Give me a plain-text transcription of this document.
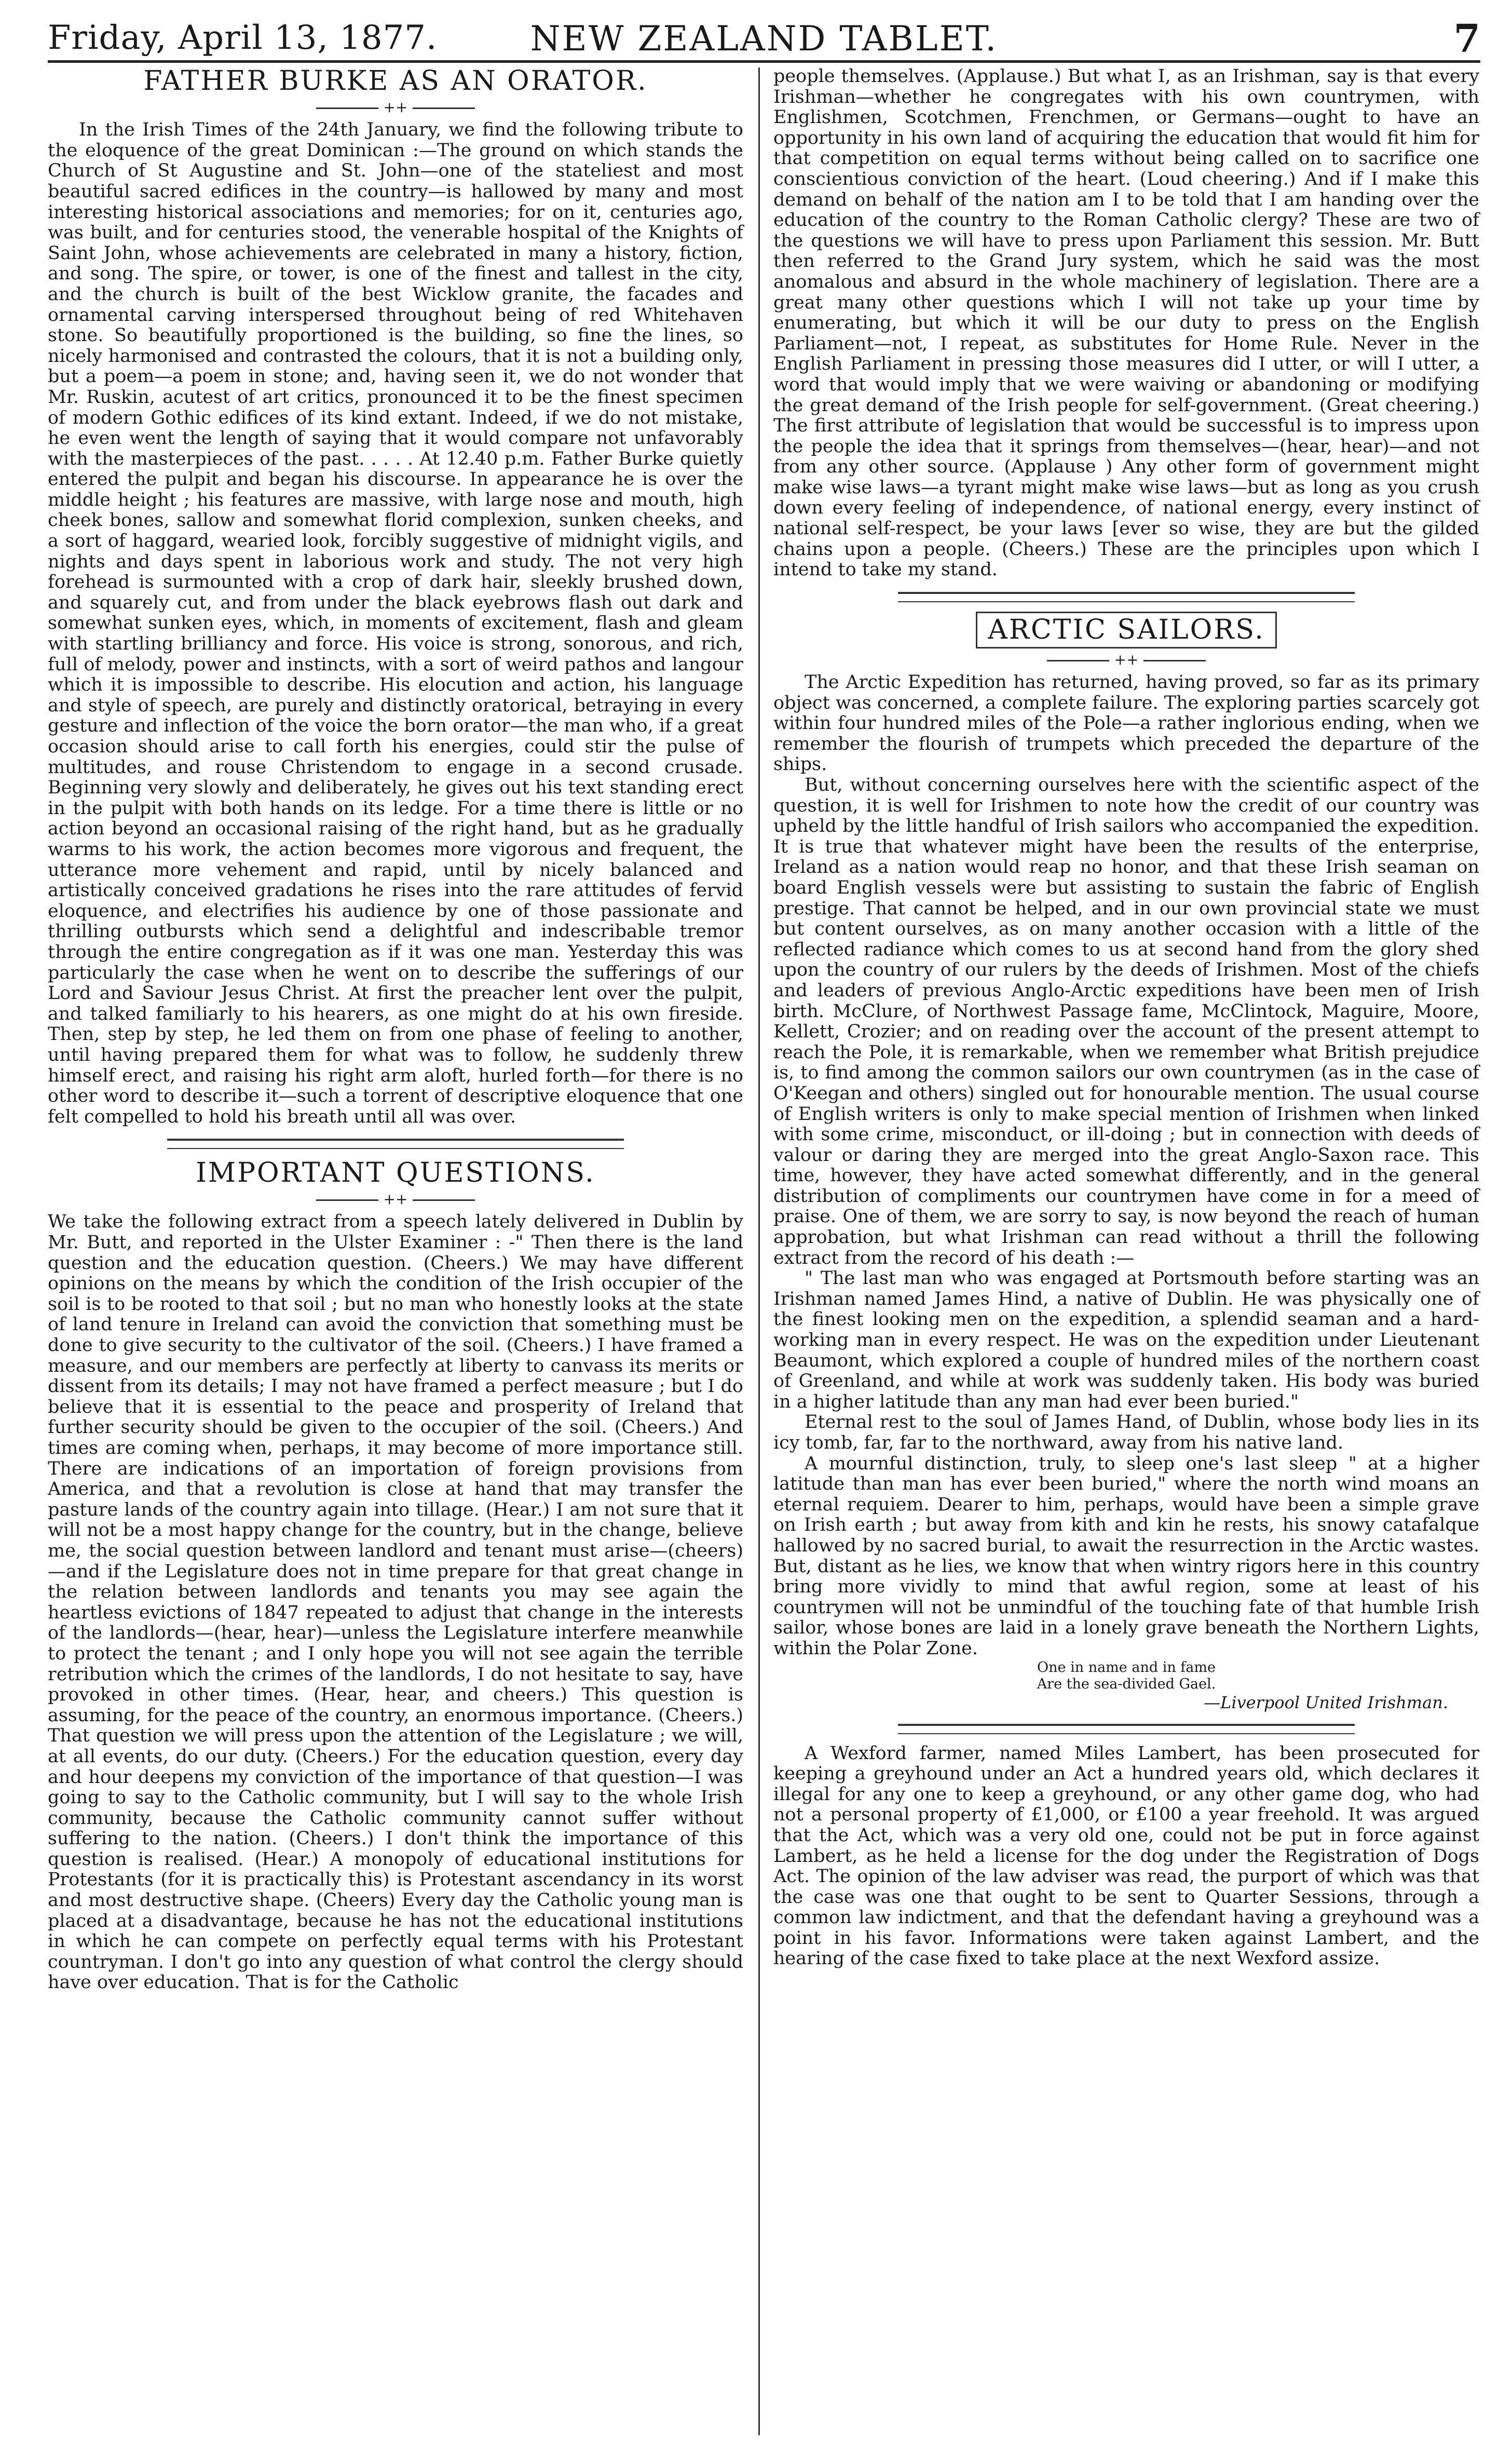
Friday, April 13, 1877.	NEW ZEALAND TABLET.	7
FATHER BURKE AS AN ORATOR.
++

In the Irish Times of the 24th January, we find the following tribute to the eloquence of the great Dominican :—The ground on which stands the Church of St Augustine and St. John—one of the stateliest and most beautiful sacred edifices in the country—is hallowed by many and most interesting historical associations and memories; for on it, centuries ago, was built, and for centuries stood, the venerable hospital of the Knights of Saint John, whose achievements are celebrated in many a history, fiction, and song. The spire, or tower, is one of the finest and tallest in the city, and the church is built of the best Wicklow granite, the facades and ornamental carving interspersed throughout being of red Whitehaven stone. So beautifully proportioned is the building, so fine the lines, so nicely harmonised and contrasted the colours, that it is not a building only, but a poem—a poem in stone; and, having seen it, we do not wonder that Mr. Ruskin, acutest of art critics, pronounced it to be the finest specimen of modern Gothic edifices of its kind extant. Indeed, if we do not mistake, he even went the length of saying that it would compare not unfavorably with the masterpieces of the past. . . . . At 12.40 p.m. Father Burke quietly entered the pulpit and began his discourse. In appearance he is over the middle height ; his features are massive, with large nose and mouth, high cheek bones, sallow and somewhat florid complexion, sunken cheeks, and a sort of haggard, wearied look, forcibly suggestive of midnight vigils, and nights and days spent in laborious work and study. The not very high forehead is surmounted with a crop of dark hair, sleekly brushed down, and squarely cut, and from under the black eyebrows flash out dark and somewhat sunken eyes, which, in moments of excitement, flash and gleam with startling brilliancy and force. His voice is strong, sonorous, and rich, full of melody, power and instincts, with a sort of weird pathos and langour which it is impossible to describe. His elocution and action, his language and style of speech, are purely and distinctly oratorical, betraying in every gesture and inflection of the voice the born orator—the man who, if a great occasion should arise to call forth his energies, could stir the pulse of multitudes, and rouse Christendom to engage in a second crusade. Beginning very slowly and deliberately, he gives out his text standing erect in the pulpit with both hands on its ledge. For a time there is little or no action beyond an occasional raising of the right hand, but as he gradually warms to his work, the action becomes more vigorous and frequent, the utterance more vehement and rapid, until by nicely balanced and artistically conceived gradations he rises into the rare attitudes of fervid eloquence, and electrifies his audience by one of those passionate and thrilling outbursts which send a delightful and indescribable tremor through the entire congregation as if it was one man. Yesterday this was particularly the case when he went on to describe the sufferings of our Lord and Saviour Jesus Christ. At first the preacher lent over the pulpit, and talked familiarly to his hearers, as one might do at his own fireside. Then, step by step, he led them on from one phase of feeling to another, until having prepared them for what was to follow, he suddenly threw himself erect, and raising his right arm aloft, hurled forth—for there is no other word to describe it—such a torrent of descriptive eloquence that one felt compelled to hold his breath until all was over.

IMPORTANT QUESTIONS.
++

We take the following extract from a speech lately delivered in Dublin by Mr. Butt, and reported in the Ulster Examiner : -" Then there is the land question and the education question. (Cheers.) We may have different opinions on the means by which the condition of the Irish occupier of the soil is to be rooted to that soil ; but no man who honestly looks at the state of land tenure in Ireland can avoid the conviction that something must be done to give security to the cultivator of the soil. (Cheers.) I have framed a measure, and our members are perfectly at liberty to canvass its merits or dissent from its details; I may not have framed a perfect measure ; but I do believe that it is essential to the peace and prosperity of Ireland that further security should be given to the occupier of the soil. (Cheers.) And times are coming when, perhaps, it may become of more importance still. There are indications of an importation of foreign provisions from America, and that a revolution is close at hand that may transfer the pasture lands of the country again into tillage. (Hear.) I am not sure that it will not be a most happy change for the country, but in the change, believe me, the social question between landlord and tenant must arise—(cheers)—and if the Legislature does not in time prepare for that great change in the relation between landlords and tenants you may see again the heartless evictions of 1847 repeated to adjust that change in the interests of the landlords—(hear, hear)—unless the Legislature interfere meanwhile to protect the tenant ; and I only hope you will not see again the terrible retribution which the crimes of the landlords, I do not hesitate to say, have provoked in other times. (Hear, hear, and cheers.) This question is assuming, for the peace of the country, an enormous importance. (Cheers.) That question we will press upon the attention of the Legislature ; we will, at all events, do our duty. (Cheers.) For the education question, every day and hour deepens my conviction of the importance of that question—I was going to say to the Catholic community, but I will say to the whole Irish community, because the Catholic community cannot suffer without suffering to the nation. (Cheers.) I don't think the importance of this question is realised. (Hear.) A monopoly of educational institutions for Protestants (for it is practically this) is Protestant ascendancy in its worst and most destructive shape. (Cheers) Every day the Catholic young man is placed at a disadvantage, because he has not the educational institutions in which he can compete on perfectly equal terms with his Protestant countryman. I don't go into any question of what control the clergy should have over education. That is for the Catholic

people themselves. (Applause.) But what I, as an Irishman, say is that every Irishman—whether he congregates with his own countrymen, with Englishmen, Scotchmen, Frenchmen, or Germans—ought to have an opportunity in his own land of acquiring the education that would fit him for that competition on equal terms without being called on to sacrifice one conscientious conviction of the heart. (Loud cheering.) And if I make this demand on behalf of the nation am I to be told that I am handing over the education of the country to the Roman Catholic clergy? These are two of the questions we will have to press upon Parliament this session. Mr. Butt then referred to the Grand Jury system, which he said was the most anomalous and absurd in the whole machinery of legislation. There are a great many other questions which I will not take up your time by enumerating, but which it will be our duty to press on the English Parliament—not, I repeat, as substitutes for Home Rule. Never in the English Parliament in pressing those measures did I utter, or will I utter, a word that would imply that we were waiving or abandoning or modifying the great demand of the Irish people for self-government. (Great cheering.) The first attribute of legislation that would be successful is to impress upon the people the idea that it springs from themselves—(hear, hear)—and not from any other source. (Applause ) Any other form of government might make wise laws—a tyrant might make wise laws—but as long as you crush down every feeling of independence, of national energy, every instinct of national self-respect, be your laws [ever so wise, they are but the gilded chains upon a people. (Cheers.) These are the principles upon which I intend to take my stand.

ARCTIC SAILORS.
++

The Arctic Expedition has returned, having proved, so far as its primary object was concerned, a complete failure. The exploring parties scarcely got within four hundred miles of the Pole—a rather inglorious ending, when we remember the flourish of trumpets which preceded the departure of the ships.

But, without concerning ourselves here with the scientific aspect of the question, it is well for Irishmen to note how the credit of our country was upheld by the little handful of Irish sailors who accompanied the expedition. It is true that whatever might have been the results of the enterprise, Ireland as a nation would reap no honor, and that these Irish seaman on board English vessels were but assisting to sustain the fabric of English prestige. That cannot be helped, and in our own provincial state we must but content ourselves, as on many another occasion with a little of the reflected radiance which comes to us at second hand from the glory shed upon the country of our rulers by the deeds of Irishmen. Most of the chiefs and leaders of previous Anglo-Arctic expeditions have been men of Irish birth. McClure, of Northwest Passage fame, McClintock, Maguire, Moore, Kellett, Crozier; and on reading over the account of the present attempt to reach the Pole, it is remarkable, when we remember what British prejudice is, to find among the common sailors our own countrymen (as in the case of O'Keegan and others) singled out for honourable mention. The usual course of English writers is only to make special mention of Irishmen when linked with some crime, misconduct, or ill-doing ; but in connection with deeds of valour or daring they are merged into the great Anglo-Saxon race. This time, however, they have acted somewhat differently, and in the general distribution of compliments our countrymen have come in for a meed of praise. One of them, we are sorry to say, is now beyond the reach of human approbation, but what Irishman can read without a thrill the following extract from the record of his death :—

" The last man who was engaged at Portsmouth before starting was an Irishman named James Hind, a native of Dublin. He was physically one of the finest looking men on the expedition, a splendid seaman and a hard-working man in every respect. He was on the expedition under Lieutenant Beaumont, which explored a couple of hundred miles of the northern coast of Greenland, and while at work was suddenly taken. His body was buried in a higher latitude than any man had ever been buried."

Eternal rest to the soul of James Hand, of Dublin, whose body lies in its icy tomb, far, far to the northward, away from his native land.

A mournful distinction, truly, to sleep one's last sleep " at a higher latitude than man has ever been buried," where the north wind moans an eternal requiem. Dearer to him, perhaps, would have been a simple grave on Irish earth ; but away from kith and kin he rests, his snowy catafalque hallowed by no sacred burial, to await the resurrection in the Arctic wastes. But, distant as he lies, we know that when wintry rigors here in this country bring more vividly to mind that awful region, some at least of his countrymen will not be unmindful of the touching fate of that humble Irish sailor, whose bones are laid in a lonely grave beneath the Northern Lights, within the Polar Zone.

One in name and in fame
Are the sea-divided Gael.
—Liverpool United Irishman.

A Wexford farmer, named Miles Lambert, has been prosecuted for keeping a greyhound under an Act a hundred years old, which declares it illegal for any one to keep a greyhound, or any other game dog, who had not a personal property of £1,000, or £100 a year freehold. It was argued that the Act, which was a very old one, could not be put in force against Lambert, as he held a license for the dog under the Registration of Dogs Act. The opinion of the law adviser was read, the purport of which was that the case was one that ought to be sent to Quarter Sessions, through a common law indictment, and that the defendant having a greyhound was a point in his favor. Informations were taken against Lambert, and the hearing of the case fixed to take place at the next Wexford assize.
